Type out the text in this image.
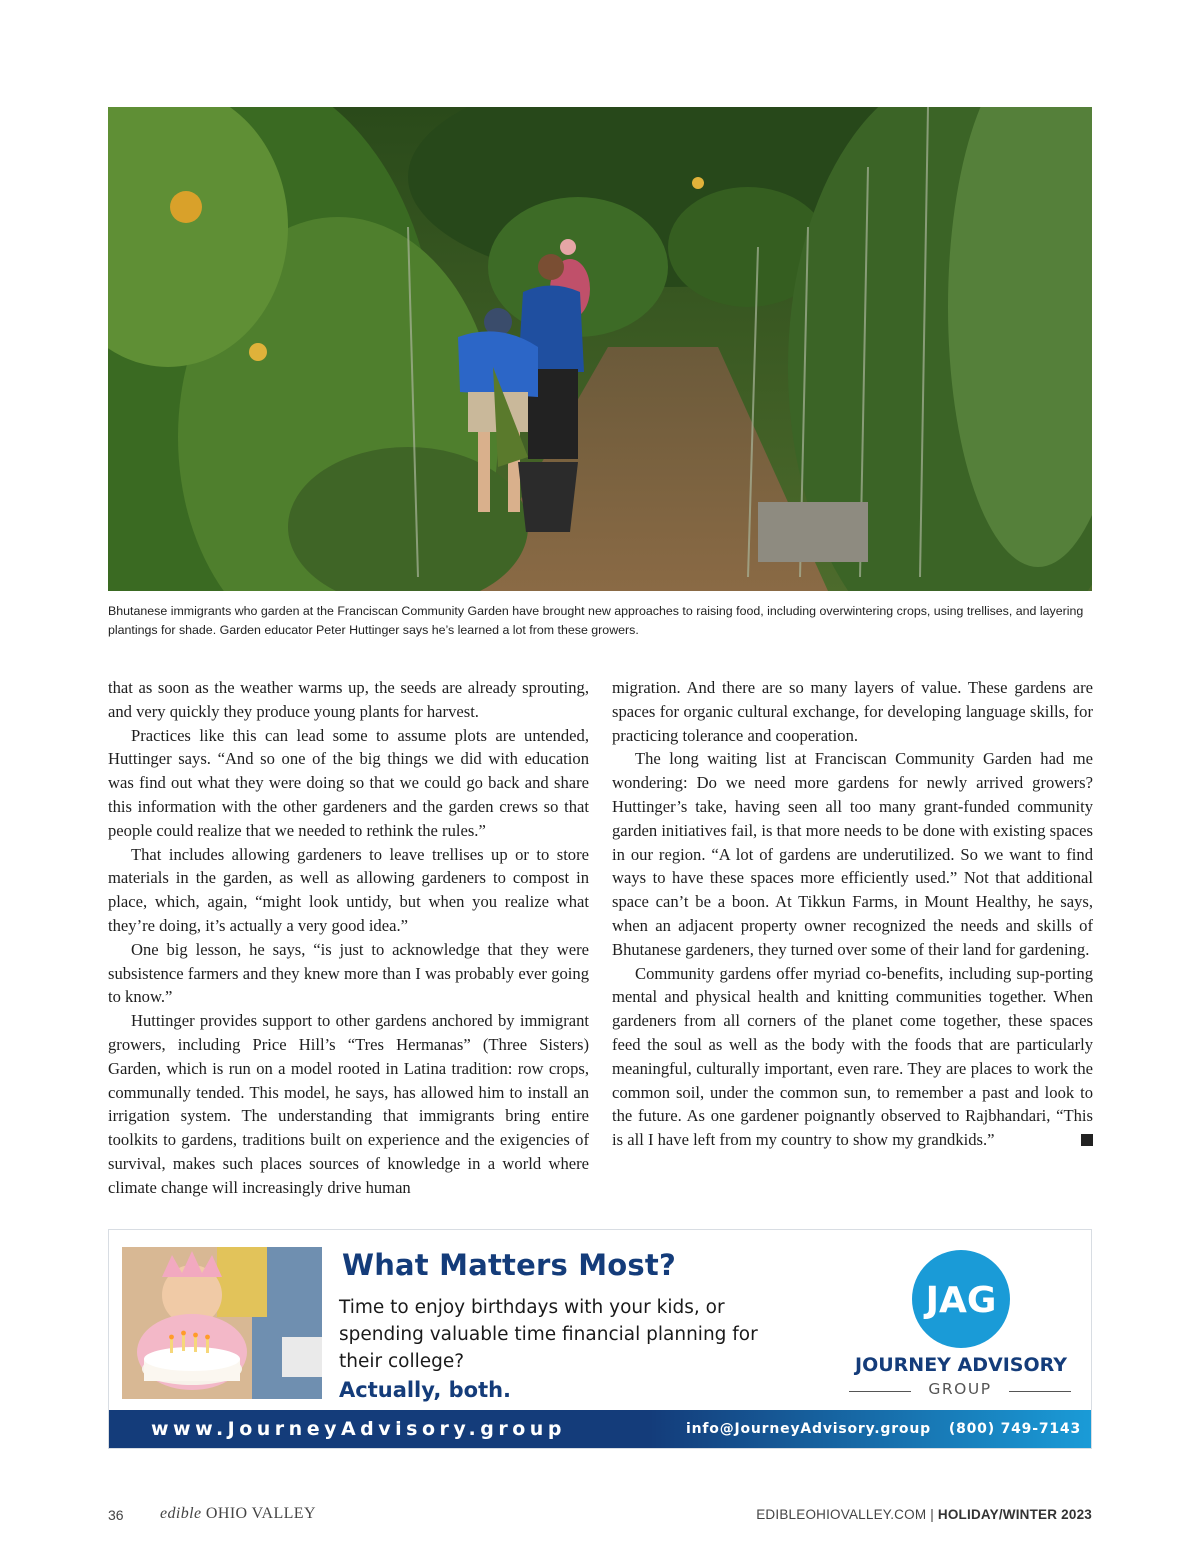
Bhutanese immigrants who garden at the Franciscan Community Garden have brought new approaches to raising food, including overwintering crops, using trellises, and layering plantings for shade. Garden educator Peter Huttinger says he’s learned a lot from these growers.

that as soon as the weather warms up, the seeds are already sprouting, and very quickly they produce young plants for harvest.

Practices like this can lead some to assume plots are untended, Huttinger says. “And so one of the big things we did with education was find out what they were doing so that we could go back and share this information with the other gardeners and the garden crews so that people could realize that we needed to rethink the rules.”

That includes allowing gardeners to leave trellises up or to store materials in the garden, as well as allowing gardeners to compost in place, which, again, “might look untidy, but when you realize what they’re doing, it’s actually a very good idea.”

One big lesson, he says, “is just to acknowledge that they were subsistence farmers and they knew more than I was probably ever going to know.”

Huttinger provides support to other gardens anchored by immigrant growers, including Price Hill’s “Tres Hermanas” (Three Sisters) Garden, which is run on a model rooted in Latina tradition: row crops, communally tended. This model, he says, has allowed him to install an irrigation system. The understanding that immigrants bring entire toolkits to gardens, traditions built on experience and the exigencies of survival, makes such places sources of knowledge in a world where climate change will increasingly drive human

migration. And there are so many layers of value. These gardens are spaces for organic cultural exchange, for developing language skills, for practicing tolerance and cooperation.

The long waiting list at Franciscan Community Garden had me wondering: Do we need more gardens for newly arrived growers? Huttinger’s take, having seen all too many grant-funded community garden initiatives fail, is that more needs to be done with existing spaces in our region. “A lot of gardens are underutilized. So we want to find ways to have these spaces more efficiently used.” Not that additional space can’t be a boon. At Tikkun Farms, in Mount Healthy, he says, when an adjacent property owner recognized the needs and skills of Bhutanese gardeners, they turned over some of their land for gardening.

Community gardens offer myriad co-benefits, including sup-porting mental and physical health and knitting communities together. When gardeners from all corners of the planet come together, these spaces feed the soul as well as the body with the foods that are particularly meaningful, culturally important, even rare. They are places to work the common soil, under the common sun, to remember a past and look to the future. As one gardener poignantly observed to Rajbhandari, “This is all I have left from my country to show my grandkids.”

What Matters Most?
Time to enjoy birthdays with your kids, or spending valuable time financial planning for their college?
Actually, both.
JAG
JOURNEY ADVISORY
GROUP
www.JourneyAdvisory.group	info@JourneyAdvisory.group (800) 749-7143
36 edible OHIO VALLEY	EDIBLEOHIOVALLEY.COM | HOLIDAY/WINTER 2023
